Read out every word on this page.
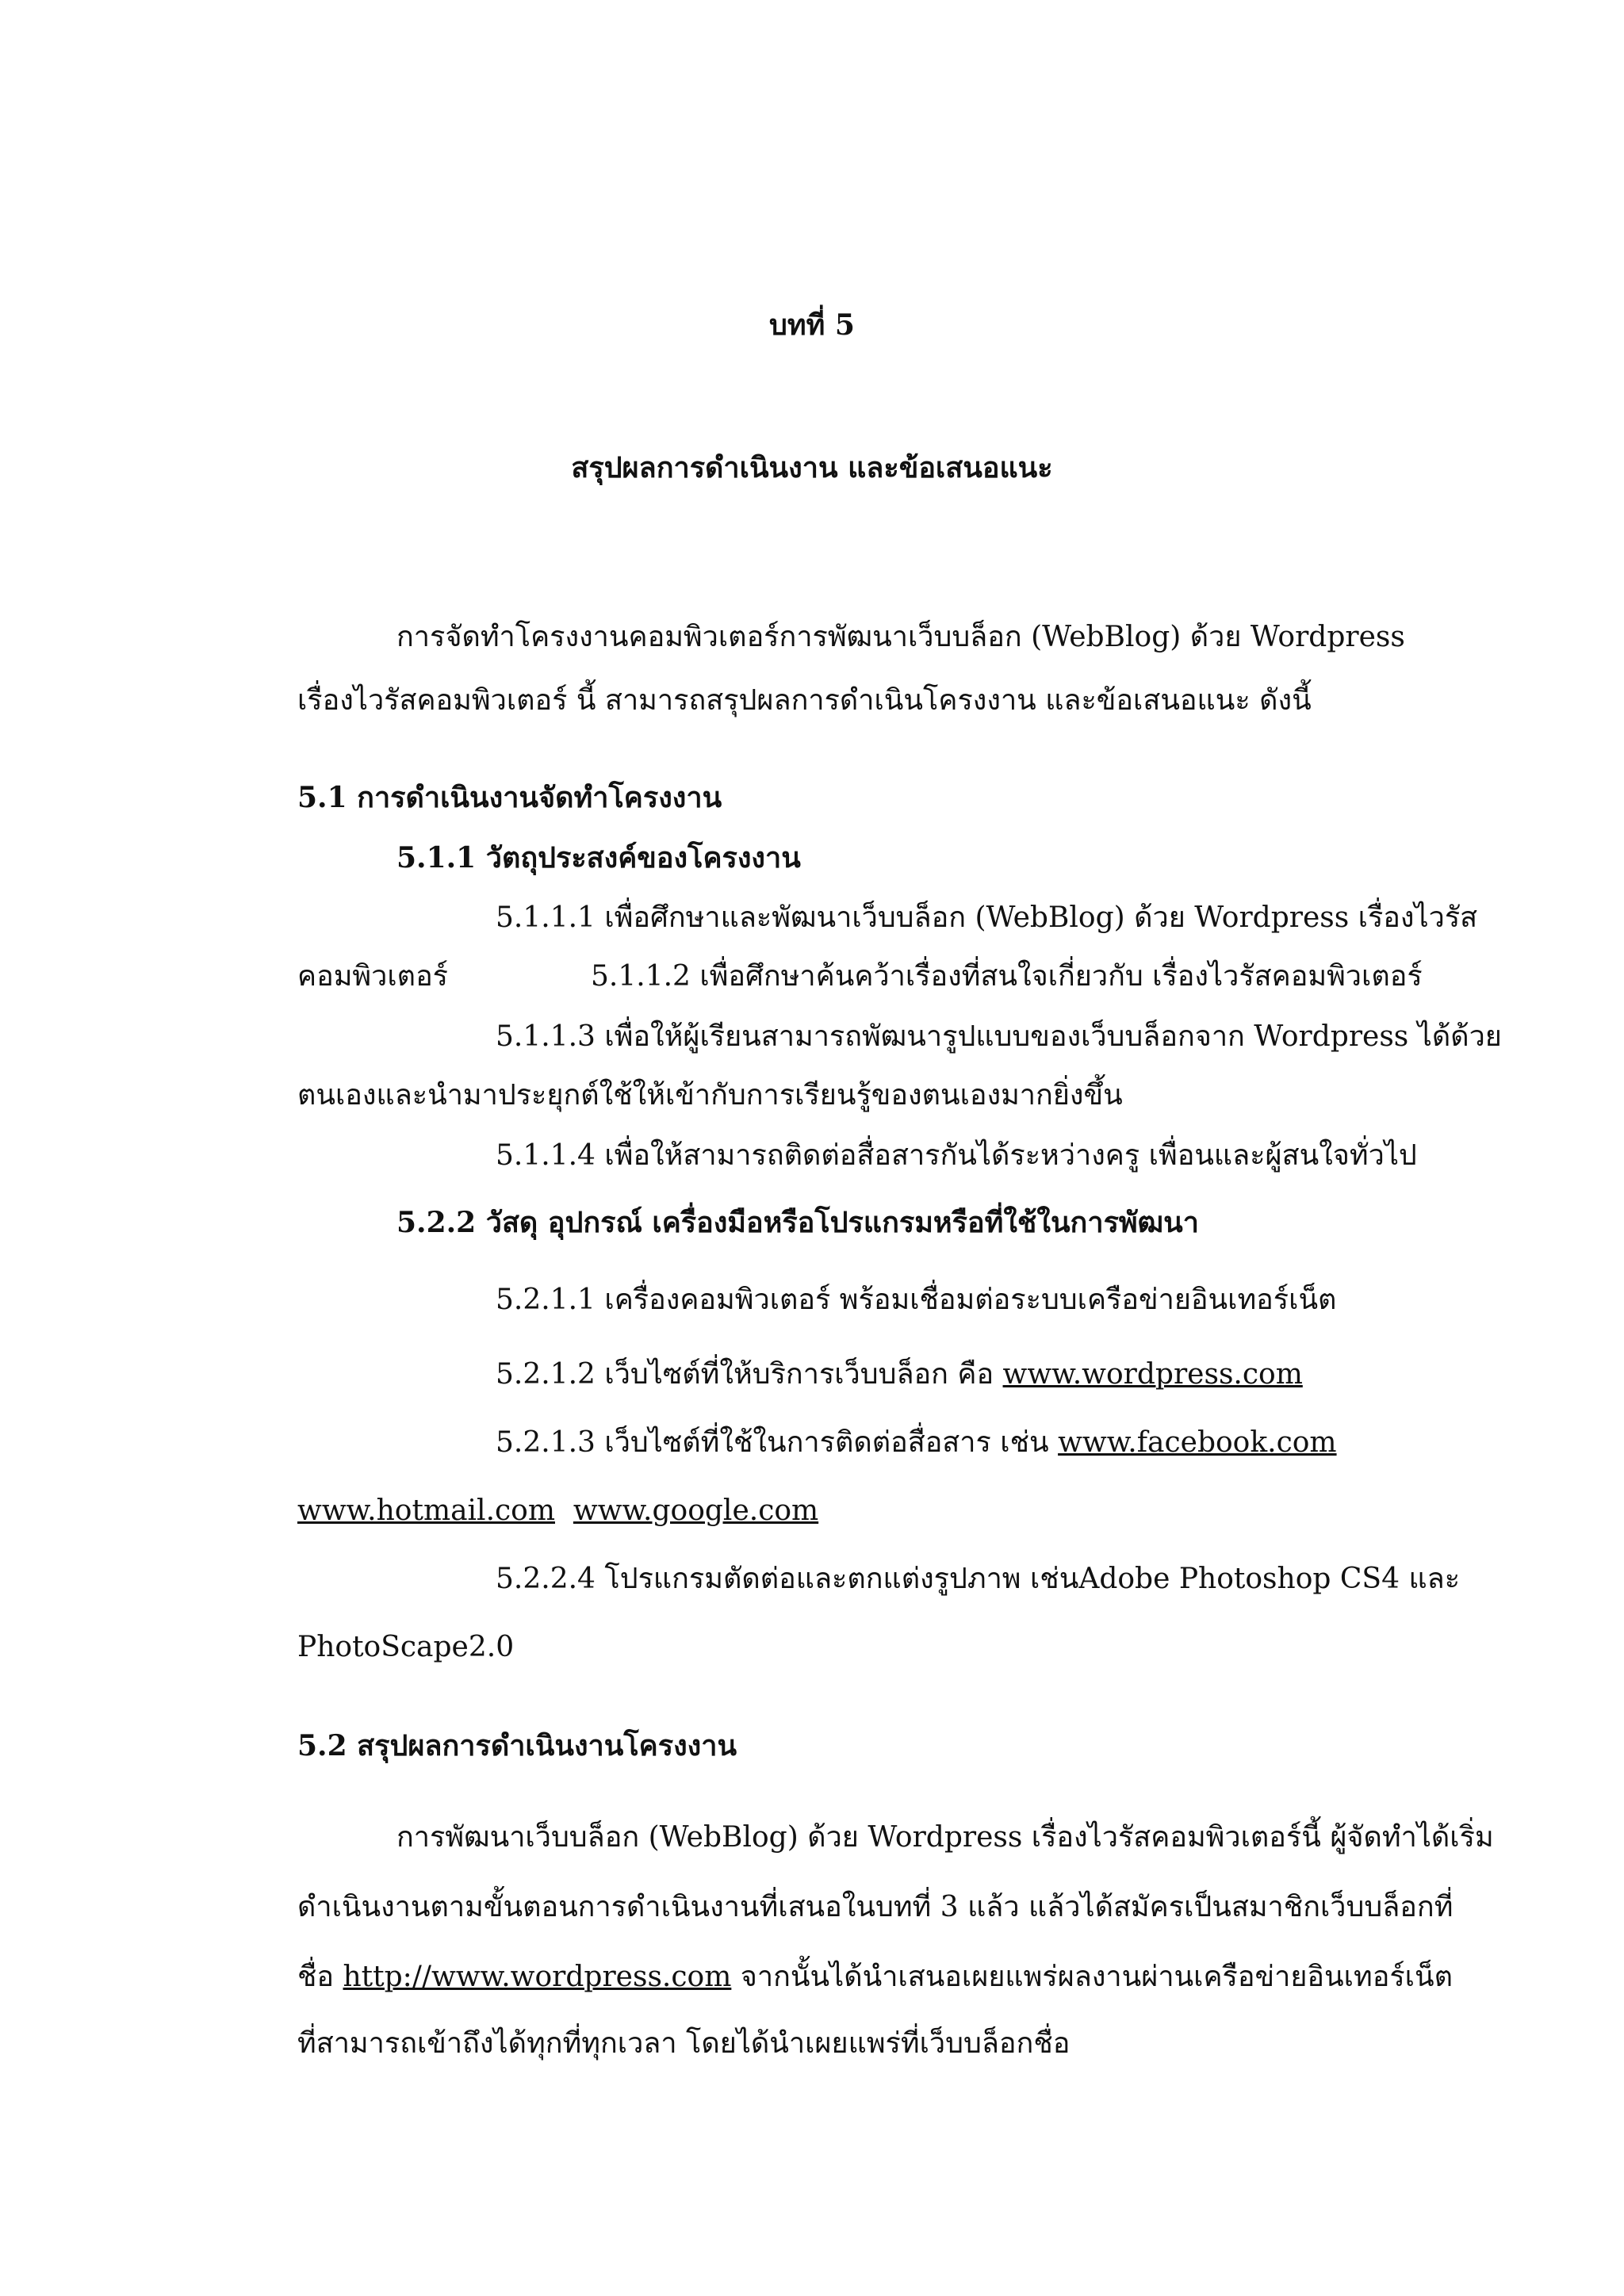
บทที่ 5
สรุปผลการดำเนินงาน และข้อเสนอแนะ
การจัดทำโครงงานคอมพิวเตอร์การพัฒนาเว็บบล็อก (WebBlog) ด้วย Wordpress
เรื่องไวรัสคอมพิวเตอร์ นี้ สามารถสรุปผลการดำเนินโครงงาน และข้อเสนอแนะ ดังนี้
5.1 การดำเนินงานจัดทำโครงงาน
5.1.1 วัตถุประสงค์ของโครงงาน
5.1.1.1 เพื่อศึกษาและพัฒนาเว็บบล็อก (WebBlog) ด้วย Wordpress เรื่องไวรัส
คอมพิวเตอร์	5.1.1.2 เพื่อศึกษาค้นคว้าเรื่องที่สนใจเกี่ยวกับ เรื่องไวรัสคอมพิวเตอร์
5.1.1.3 เพื่อให้ผู้เรียนสามารถพัฒนารูปแบบของเว็บบล็อกจาก Wordpress ได้ด้วย
ตนเองและนำมาประยุกต์ใช้ให้เข้ากับการเรียนรู้ของตนเองมากยิ่งขึ้น
5.1.1.4 เพื่อให้สามารถติดต่อสื่อสารกันได้ระหว่างครู เพื่อนและผู้สนใจทั่วไป
5.2.2 วัสดุ อุปกรณ์ เครื่องมือหรือโปรแกรมหรือที่ใช้ในการพัฒนา
5.2.1.1 เครื่องคอมพิวเตอร์ พร้อมเชื่อมต่อระบบเครือข่ายอินเทอร์เน็ต
5.2.1.2 เว็บไซต์ที่ให้บริการเว็บบล็อก คือ www.wordpress.com
5.2.1.3 เว็บไซต์ที่ใช้ในการติดต่อสื่อสาร เช่น www.facebook.com
www.hotmail.com www.google.com
5.2.2.4 โปรแกรมตัดต่อและตกแต่งรูปภาพ เช่นAdobe Photoshop CS4 และ
PhotoScape2.0
5.2 สรุปผลการดำเนินงานโครงงาน
การพัฒนาเว็บบล็อก (WebBlog) ด้วย Wordpress เรื่องไวรัสคอมพิวเตอร์นี้ ผู้จัดทำได้เริ่ม
ดำเนินงานตามขั้นตอนการดำเนินงานที่เสนอในบทที่ 3 แล้ว แล้วได้สมัครเป็นสมาชิกเว็บบล็อกที่
ชื่อ http://www.wordpress.com จากนั้นได้นำเสนอเผยแพร่ผลงานผ่านเครือข่ายอินเทอร์เน็ต
ที่สามารถเข้าถึงได้ทุกที่ทุกเวลา โดยได้นำเผยแพร่ที่เว็บบล็อกชื่อ
